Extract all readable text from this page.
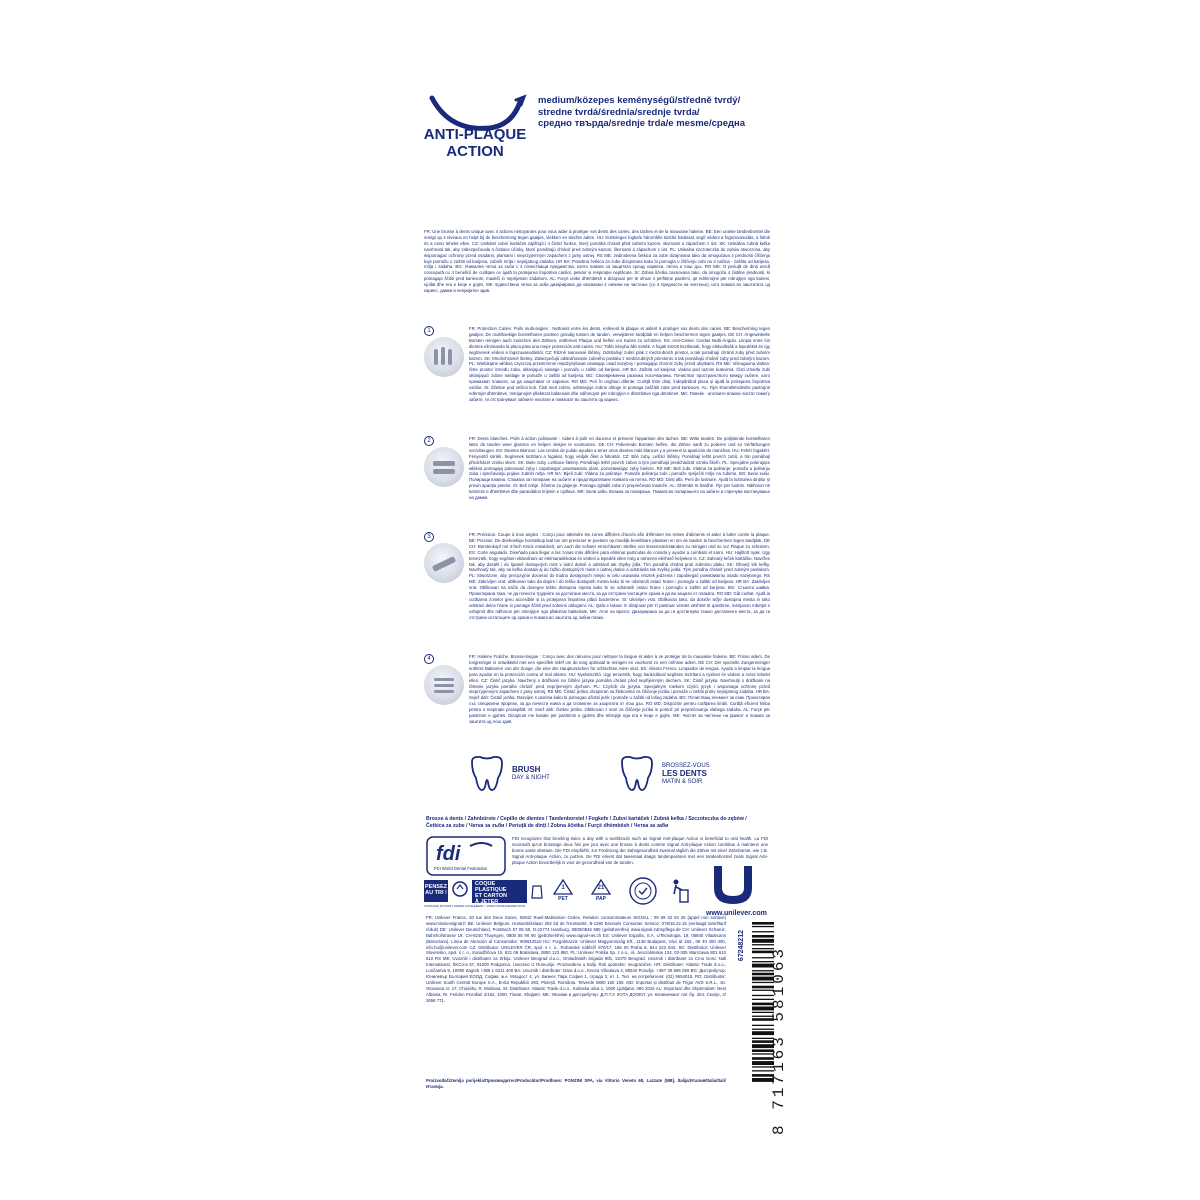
ANTI-PLAQUE
ACTION
medium/közepes keménységű/středně tvrdý/
stredne tvrdá/średnia/srednje tvrda/
средно твърда/srednje trda/e mesme/средна
FR: Une brosse à dents unique avec 4 actions nettoyantes pour vous aider à protéger vos dents des caries, des taches et de la mauvaise haleine. BE: Een unieke tandenborstel die reinigt op 4 niveaus en helpt bij de bescherming tegen gaatjes, vlekken en slechte adem. HU: Különleges fogkefe háromféle tisztító hatással, segít védeni a fogszuvasodás, a foltok és a rossz lehelet ellen. CZ: Unikátní zubní kartáček zajišťující 4 čisticí funkce, který pomáhá chránit před zubním kazem, skvrnami a zápachem z úst. SK: Unikátna zubná kefka navrhnutá tak, aby zabezpečovala 4 čistiace účinky, ktoré pomáhajú chrániť pred zubným kazom, škvrnami a zápachom z úst. PL: Unikalna szczoteczka do zębów stworzona, aby wspomagać ochronę przed osadami, plamami i nieprzyjemnym zapachem z jamy ustnej. RS ME: Jedinstvena četkica za zube dizajnirana tako da omogućava 4 prednosti čišćenja koje pomažu u zaštiti od karijesa, zubnih mrlja i neprijatnog zadaha. HR BA: Posebna četkica za zube dizajnirana kako bi pomogla u čišćenju zubi na 3 načina - zaštita od karijesa, mrlja i zadaha. BG: Уникална четка за зъби с 4 почистващи предимства, която помага за защитата срещу кариеси, петна и лош дъх. RO MD: O periuță de dinți unică concepută cu 4 beneficii de curățare ce ajută la protejarea împotriva cariilor, petelor și respirației neplăcute. SI: Zobna ščetka zasnovana tako, da omogoča 4 čistilne prednosti, ki pomagajo ščititi pred kariesom, madeži in neprijetnim zadahom. AL: Furçë unike dhëmbësh e dizajnuar për të ofruar 4 përfitime pastrimi, që ndihmojnë për mbrojtjen nga kariesi, njollat dhe era e keqe e gojës. MK: Единствена четка за заби дизајнирана да овозможи 4 начини на чистење (со 4 предности на чистење), што помага во заштитата од кариес, дамки и непријатен здив.
1	FR: Protection Caries. Poils multi-angles : Nettoient entre les dents, enlèvent la plaque et aident à protéger vos dents des caries. BE: Bescherming tegen gaatjes. De multihoekige borstelharen poetsen grondig tussen de tanden, verwijderen tandplak en helpen beschermen tegen gaatjes. DE CH: Angewinkelte Borsten reinigen auch zwischen den Zähnen, entfernen Plaque und helfen vor Karies zu schützen. ES: Anti-Caries: Cerdas Multi-Ángulo. Limpia entre los dientes eliminando la placa para una mejor protección anti-caries. HU: Több irányba álló sörték. A fogak között tisztítanak, hogy eltávolítsák a lepedéket és így segítsenek védeni a fogszuvasodástól. CZ: Různě tvarované štětiny. Odstraňují zubní plak z mezizubních prostor, a tak pomáhají chránit zuby před zubním kazem. SK: Mnohohranné štetiny. Zabezpečujú odstraňovanie zubného povlaku z medzizubných priestorov a tak pomáhajú chrániť zuby pred zubným kazom. PL: Wielokątne włókna czyszczą przestrzenie międzyzębowe usuwając osad nazębny i pomagając chronić zęby przed ubytkami. RS ME: Višeugaona vlakna: čiste prostor između zuba, uklanjajući naslage i pomažu u zaštiti od karijesa. HR BA: Zaštita od karijesa: vlakna pod raznim kutevima. Čisti između zubi uklanjajući zubne naslage te pomaže u zaštiti od karijesa. BG: Своевременна разлика посочвалина. Почистват пространството между зъбите, като премахват плаката, за да защитават от кариеси. RO MD: Peri în unghiuri diferite: Curăță între dinți, îndepărtând placa și ajută la protejarea împotriva cariilor. SI: Ščetine pod večimi koti. Čisti med zobmi, odstranjuje zobne obloge in pomaga zaščititi zobe pred kariesom. AL: Fijet shumëkëndëshe pastrojnë ndërmjet dhëmbëve, mënjanojnë pllakëzat bakteriale dhe ndihmojnë për mbrojtjen e dhëmbëve nga dëmtimet. MK: Повеќе - аголните влакна чистат помеѓу забите, ги отстрануваат забните наслаги и помагаат во заштита од кариес.
2	FR: Dents blanches. Poils à action polissante : Aident à polir en douceur et prévenir l'apparition des taches. BE: Witte tanden. De polijstende borstelharen laten de tanden weer glanzen en helpen vlekjes te voorkomen. DE CH: Polierende Borsten helfen, die Zähne sanft zu polieren und so Verfärbungen vorzubeugen. ES: Dientes Blancos: Las cerdas de pulido ayudan a tener unos dientes más blancos y a prevenir la aparición de manchas. HU: Fehér fogakért. Fényesítő sörték. Segítenek tisztítani a fogakat, hogy védjék őket a foltoktól. CZ: Bílé zuby. Leštící štětiny. Pomáhají leštit povrch zubů, a tím pomáhají předcházet vzniku skvrn. SK: Biele zuby. Leštiace štetiny. Pomáhajú leštiť povrch zubov a tým pomáhajú predchádzať vzniku škvŕn. PL: Specjalne polerujące włókna pomagają polerować zęby i zapobiegać powstawaniu plam, pozostawiając zęby bielsze. RS ME: Beli zubi. Vlakna za poliranje: pomažu u poliranju zuba i sprečavanju pojave zubnih mrlja. HR BA: Bijeli zubi: Vlakna za poliranje. Pomaže poliranju zubi i pomaže spriječiti mrlje na zubima. BG: Бели зъби. Полиращи влакна. Спомага за полиране на зъбите и предотвратяване появата на петна. RO MD: Dinți albi. Perii de lustruire. Ajută la lustruirea dinților și previn apariția petelor. SI: Beli zobje. Ščetine za glajenje. Pomaga zgladiti zobe in preprečevati madeže. AL: Dhëmbë të bardhë. Fije për lustrim. Ndihmon në lustrimin e dhëmbëve dhe parandalon krijimin e njollave. MK: Бели заби. Влакна за полирање. Помага во полирањето на забите и спречува настанување на дамки.
3	FR: Précision. Coupe à trois angles : Conçu pour atteindre les zones difficiles d'accès afin d'éliminer les restes d'aliments et aider à lutter contre la plaque. BE: Precisie. De driehoekige borstelkop laat toe om precieser te poetsen op moeilijk bereikbare plaatsen en om de tanden te beschermen tegen tandplak. DE CH: Bürstenkopf mit 3-fach Knick entwickelt, um auch die schwer erreichbaren Stellen von Essensrückständen zu reinigen und so vor Plaque zu schützen. ES: Corte angulado. Diseñado para llegar a las zonas más difíciles para eliminar partículas de comida y ayudar a combatir el sarro. HU: Hajlított nyak. Úgy tervezték, hogy segítsen eltávolítani az ételmaradékokat és védeni a lepedék ellen még a nehezen elérhető helyeken is. CZ: Zahnutý krček kartáčku. Navržen tak, aby dosáhl i do špatně dostupných míst v ústní dutině a odstranil tak zbytky jídla. Tím pomáhá chránit proti zubnímu plaku. SK: Ohnutý krk kefky. Navrhnutý tak, aby sa kefka dostala aj do ťažko dostupných miest v ústnej dutine a odstránila tak zvyšky jedla. Tým pomáha chrániť pred zubným povlakom. PL: Stworzone, aby precyzyjnie docierać do trudno dostępnych miejsc w celu usuwania resztek jedzenia i zapobiegać powstawaniu osadu nazębnego. RS ME: Zakrivljen vrat: oblikovan tako da dopire i do teško dostupnih mesta kako bi se odstranili ostaci hrane i pomoglo u zaštiti od karijesa. HR BA: Zakrivljen vrat. Oblikovan na način da dosegne teško dostupna mjesta kako bi se odstranili ostaci hrane i pomoglo u zaštiti od karijesa. BG: Сгънатa шийка. Проектирана така, че да почисти трудните за достигане места, за да отстрани частиците храна и да ви защити от плаката. RO MD: Gât curbat. Ajută la curățarea zonelor greu accesibile și la protejarea împotriva plăcii bacteriene. SI: Ukrivljen vrat. Oblikovan tako, da doseže težje dostopna mesta in tako odstrani delce hrane in pomaga ščititi pred zobnimi oblogami. AL: Qafa e lakuar. E dizajnuar për t'i pastruar vendet vështirë të qasshme, mënjanon mbetjet e ushqimit dhe ndihmon për mbrojtjen nga pllakëzat bakteriale. MK: Агол на вратот. Дизајнирана за да ги достигнува тешко достапните места, за да ги отстрани остатоците од храна и помага во заштита од забни плаки.
4	FR: Haleine Fraîche. Brosse-langue : Conçu avec des rainures pour nettoyer la langue et aider à se protéger de la mauvaise haleine. BE: Frisse adem. De tongreiniger is ontwikkeld met een speciflek reliëf om de tong optimaal te reinigen en voorkomt zo een onfrisse adem. DE CH: Der spezielle Zungenreiniger entfernt Bakterien von der Zunge, die eine der Hauptursachen für schlechten Atem sind. ES: Aliento Fresco. Limpiador de lengua. Ayuda a limpiar la lengua para ayudar en la protección contra el mal aliento. HU: Nyelvtisztító. Úgy tervezték, hogy barázdáival segítsen tisztítani a nyelvet és védeni a rossz lehelet ellen. CZ: Čistič jazyka. Navržený s drážkami na čištění jazyka pomáhá chránit před nepříjemným dechem. SK: Čistič jazyka. Navrhnutý s drážkami na čistenie jazyka pomáha chrániť pred nepríjemným dychom. PL: Czyścik do języka. Specjalnym rowkom czyści język i wspomaga ochronę przed nieprzyjemnym zapachem z jamy ustnej. RS ME: Čistač jezika: dizajniran sa žlebovima za čišćenje jezika i pomaže u zaštiti protiv neprijatnog zadaha. HR BA: Svjež dah: Čistač jezika. Razvijen s utorima kako bi pomogao očistiti jezik i pomaže u zaštiti od lošeg zadaha. BG: Почистващ елемент за език. Проектиран със специални прорези, за да почисти езика и да спомогне за защитата от лош дъх. RO MD: Dispozitiv pentru curățarea limbii. Curăță eficient limba pentru o respirație proaspătă. SI: Svež dah: čistilec jezika. Oblikovan z utori za čiščenje jezika in pomoč pri preprečevanju slabega zadaha. AL: Furçë për pastrimin e gjuhës. Dizajnuar me kanale për pastrimin e gjuhës dhe mbrojtje nga era e keqe e gojës. MK: Чистач за чистење на јазикот и помага за заштита од лош здив.
BRUSH
DAY & NIGHT
BROSSEZ-VOUS
LES DENTS
MATIN & SOIR
Brosse à dents / Zahnbürste / Cepillo de dientes / Tandenborstel / Fogkefe / Zubní kartáček / Zubná kefka / Szczoteczka do zębów / Četkica za zube / Четка за зъби / Periuță de dinți / Zobna ščetka / Furçë dhëmbësh / Четка за заби
fdi
FDI World Dental Federation
FDI recognizes that brushing twice a day with a toothbrush such as Signal Anti-plaque Action is beneficial to oral health. La FDI reconnaît qu'un brossage deux fois par jour avec une brosse à dents comme Signal Anti-plaque Action contribue à maintenir une bonne santé dentaire. Die FDI empfiehlt, zur Förderung der Zahngesundheit zweimal täglich die Zähne mit einer Zahnbürste, wie z.B. Signal Anti-plaque Action, zu putzen. De FDI erkent dat tweemaal daags tandenpoetsen met een tandenborstel zoals Signal Anti-plaque Action bevorderlijk is voor de gezondheid van de tanden.
PENSEZ
AU TRI !
COQUE PLASTIQUE
ET CARTON
À JETER
1
PET
21
PAP
CONSIGNE POUVANT VARIER LOCALEMENT > WWW.CONSIGNESDETRI.FR
www.unilever.com
FR: Unilever France, 20 rue des Deux Gares, 92842 Rueil-Malmaison Cedex. Relation consommateurs SIGNAL : 09 69 32 04 26 (appel non surtaxé) www.missionsignal.fr BE: Unilever Belgium, Humanitéitslaan 292 bd de l'Humanité, B-1190 Brussels Consumer Service: 078/15.22.15 (verlaagd tarief/tarif réduit) DE: Unilever Deutschland, PostSach 57 05 50, D-22774 Hamburg, 0800/0846 585 (gebührenfrei) www.signal-zahnpflege.de CH: Unilever Schweiz, Bahnhofstrasse 19, CH-8240 Thayngen, 0800 55 90 90 (gebührenfrei) www.signal-net.ch ES: Unilever España, S.A. c/Tecnologia, 19, 08840 Viladecans (Barcelona). Línea de Atención al Consumidor: 900812510 HU: Forgalmazza: Unilever Magyarország Kft., 1138 Budapest, Váci út 182., 06 40 400 400, info.hu@unilever.com CZ: Distributor: UNILEVER ČR, spol. s r. o., Rohanské nábřeží 670/17, 186 00 Praha 8, 844 222 844. SK: Distribútor: Unilever Slovensko, spol. s r. o., Karadžičova 10, 821 08 Bratislava, 0850 123 850. PL: Unilever Polska Sp. z o.o., Al. Jerozolimskie 134, 02-305 Warszawa 801 610 610 RS ME: Uvoznik i distributer za Srbiju: Unilever Beograd d.o.o., Omladinskih brigada 90b, 11070 Beograd. Uvoznik i distributer za Crnu Goru: Nall International, ŠKOJ-a 57, 81000 Podgorica. Uvezeno iz Rumunije. Proizvedeno u Italiji. Rok upotrebe: neograničen. HR: Distributer: Atlantic Trade d.o.o., Lončareva 9, 10090 Zagreb +385 1 6311 400 BA: Uvoznik i distributer: Dara d.o.o., Kneza Višeslava 4, 88240 Posušje. +387 39 685 050 BG: Дистрибутор: Юнилевър България ЕООД, София, ж.к. Младост 4, ул. Бизнес Парк София 1, сграда 3, ет. 1. Тел. на потребителя: (02) 9654016. RO: Distribuitor: Unilever South Central Europe S.A., B-dul Republicii 293, Ploiești, România. Telverde 0800 150 150. MD: Importat și distribuit de Trigor AVD S.R.L., str. Otovasca nr. 17, Chișinău, R. Moldova. SI: Distributer: Atlantic Trade d.o.o., Kolinska ulica 1, 1000 Ljubljana, 080 2015 AL: Importuar dhe Shpërndarë: Next Albania, Rr. Feridon Fezollari 2/162, 1000, Tiranë, Shqipëri. MK: Увозник и дистрибутер: Д.П.Т.У. КОТА ДООЕЛ, ул. Качаничкиот пат бр. 254, Скопје, 2/ 2656 771.
Proizvođač/Zemlja porijekla/Производител/Producător/Prodhues: PONZINI SPA, via Vittorio Veneto 68, Lazzate (MB), Italija/Италия/Italia/Itali/ Италија.
67248212 8 717163 581063
